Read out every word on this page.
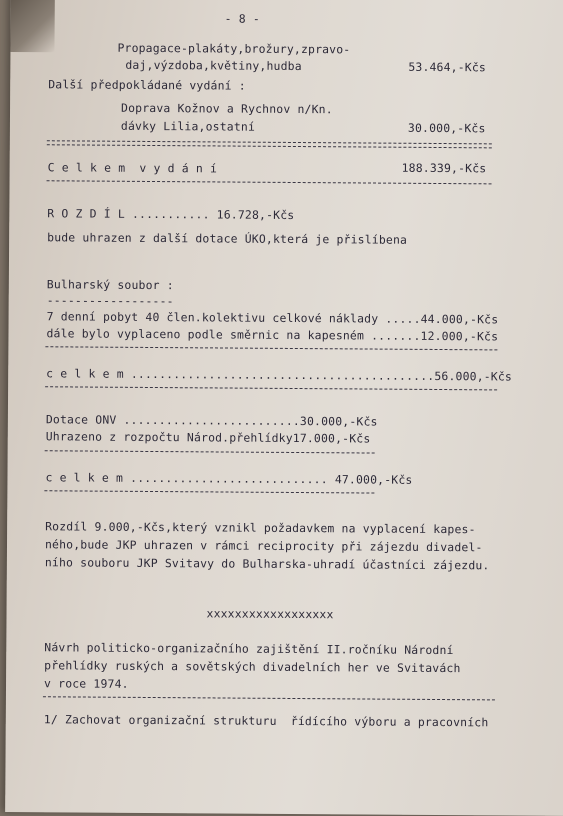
- 8 -
Propagace-plakáty,brožury,zpravo-
daj,výzdoba,květiny,hudba	53.464,-Kčs
Další předpokládané vydání :
Doprava Kožnov a Rychnov n/Kn.
dávky Lilia,ostatní	30.000,-Kčs
C e l k e m  v y d á n í	188.339,-Kčs
R O Z D Í L ........... 16.728,-Kčs
bude uhrazen z další dotace ÚKO,která je přislíbena
Bulharský soubor :
------------------
7 denní pobyt 40 člen.kolektivu celkové náklady .....44.000,-Kčs
dále bylo vyplaceno podle směrnic na kapesném .......12.000,-Kčs
c e l k e m ...........................................56.000,-Kčs
Dotace ONV .........................30.000,-Kčs
Uhrazeno z rozpočtu Národ.přehlídky17.000,-Kčs
c e l k e m ............................ 47.000,-Kčs
Rozdíl 9.000,-Kčs,který vznikl požadavkem na vyplacení kapes-
ného,bude JKP uhrazen v rámci reciprocity při zájezdu divadel-
ního souboru JKP Svitavy do Bulharska-uhradí účastníci zájezdu.
xxxxxxxxxxxxxxxxxx
Návrh politicko-organizačního zajištění II.ročníku Národní
přehlídky ruských a sovětských divadelních her ve Svitavách
v roce 1974.
1/ Zachovat organizační strukturu  řídícího výboru a pracovních
